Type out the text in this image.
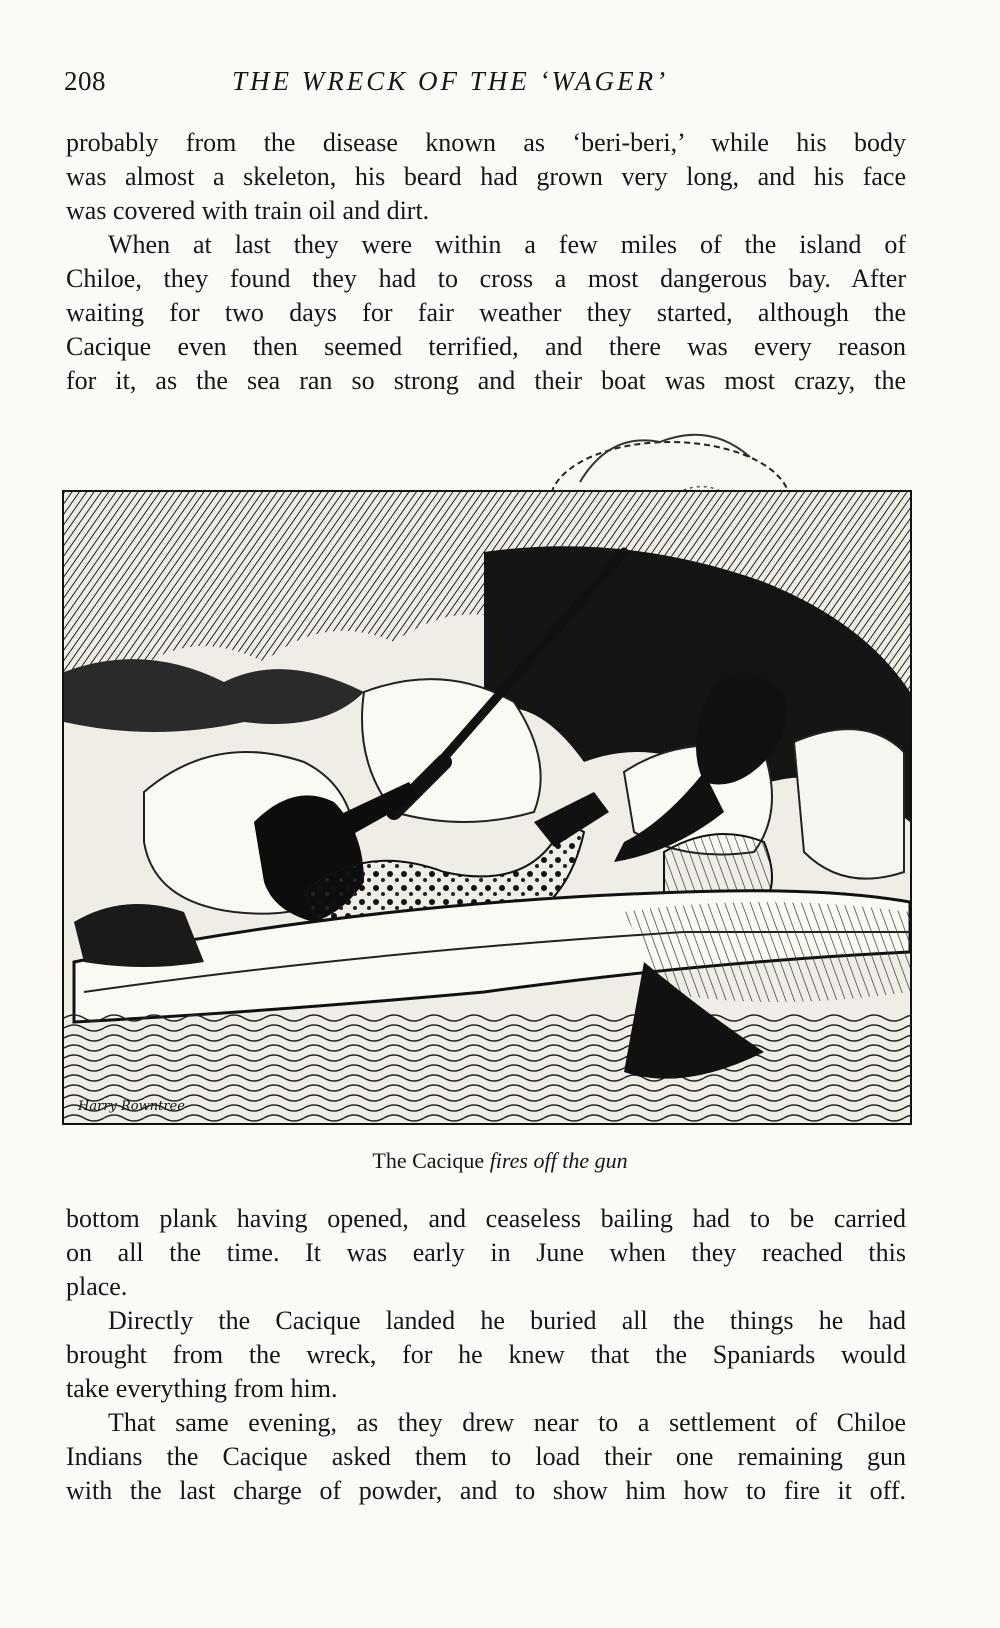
208	THE WRECK OF THE ‘WAGER’

probably from the disease known as ‘beri-beri,’ while his body

was almost a skeleton, his beard had grown very long, and his face

was covered with train oil and dirt.

When at last they were within a few miles of the island of

Chiloe, they found they had to cross a most dangerous bay. After

waiting for two days for fair weather they started, although the

Cacique even then seemed terrified, and there was every reason

for it, as the sea ran so strong and their boat was most crazy, the

Harry Rowntree
The Cacique fires off the gun

bottom plank having opened, and ceaseless bailing had to be carried

on all the time. It was early in June when they reached this

place.

Directly the Cacique landed he buried all the things he had

brought from the wreck, for he knew that the Spaniards would

take everything from him.

That same evening, as they drew near to a settlement of Chiloe

Indians the Cacique asked them to load their one remaining gun

with the last charge of powder, and to show him how to fire it off.
